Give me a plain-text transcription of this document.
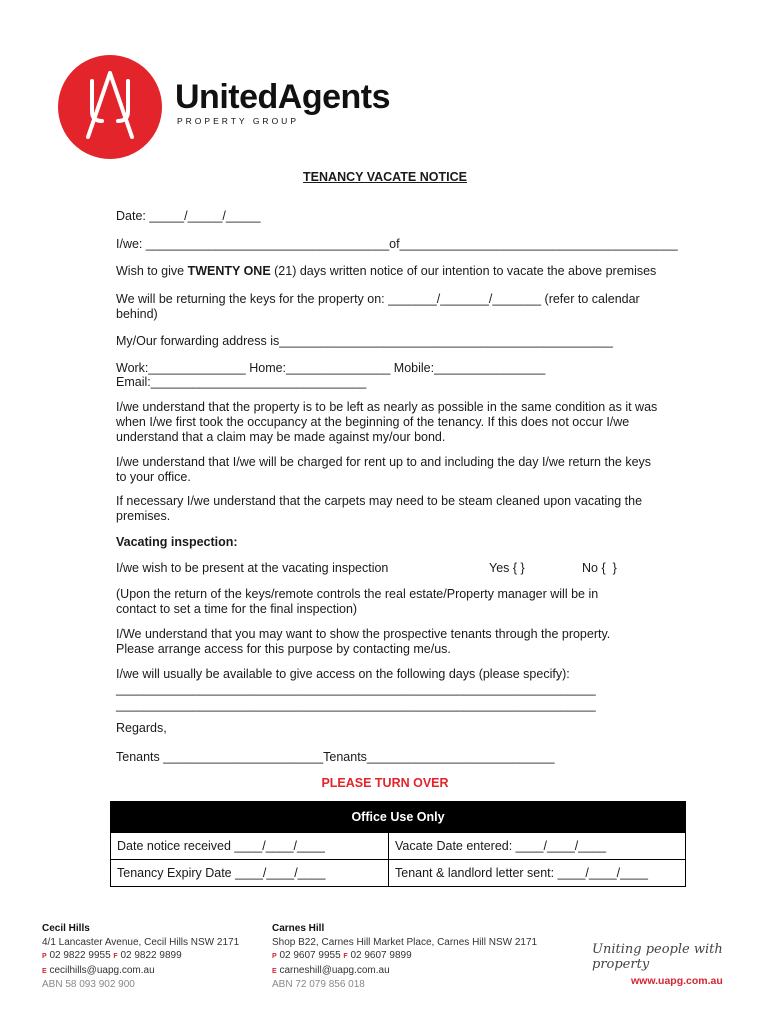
UnitedAgents
PROPERTY GROUP
TENANCY VACATE NOTICE
Date: _____/_____/_____
I/we: ___________________________________of________________________________________
Wish to give TWENTY ONE (21) days written notice of our intention to vacate the above premises
We will be returning the keys for the property on: _______/_______/_______ (refer to calendar behind)
My/Our forwarding address is________________________________________________
Work:______________ Home:_______________ Mobile:________________
Email:_______________________________
I/we understand that the property is to be left as nearly as possible in the same condition as it was when I/we first took the occupancy at the beginning of the tenancy. If this does not occur I/we understand that a claim may be made against my/our bond.
I/we understand that I/we will be charged for rent up to and including the day I/we return the keys to your office.
If necessary I/we understand that the carpets may need to be steam cleaned upon vacating the premises.
Vacating inspection:
I/we wish to be present at the vacating inspection	Yes { }	No {  }
(Upon the return of the keys/remote controls the real estate/Property manager will be in contact to set a time for the final inspection)
I/We understand that you may want to show the prospective tenants through the property. Please arrange access for this purpose by contacting me/us.
I/we will usually be available to give access on the following days (please specify):
_____________________________________________________________________
_____________________________________________________________________
Regards,
Tenants _______________________Tenants___________________________
PLEASE TURN OVER
Office Use Only	
Date notice received ____/____/____	Vacate Date entered: ____/____/____
Tenancy Expiry Date ____/____/____	Tenant & landlord letter sent: ____/____/____
Cecil Hills
4/1 Lancaster Avenue, Cecil Hills NSW 2171
P 02 9822 9955 F 02 9822 9899
E cecilhills@uapg.com.au
ABN 58 093 902 900
Carnes Hill
Shop B22, Carnes Hill Market Place, Carnes Hill NSW 2171
P 02 9607 9955 F 02 9607 9899
E carneshill@uapg.com.au
ABN 72 079 856 018
Uniting people with property
www.uapg.com.au
